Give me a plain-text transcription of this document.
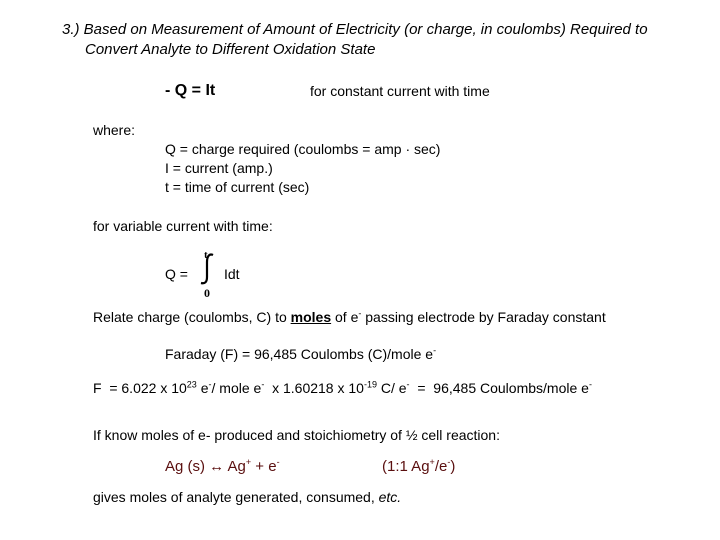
3.) Based on Measurement of Amount of Electricity (or charge, in coulombs) Required to
Convert Analyte to Different Oxidation State
- Q = It	for constant current with time
where:
Q = charge required (coulombs = amp · sec)
I = current (amp.)
t = time of current (sec)
for variable current with time:
Q =
t
0
Idt
Relate charge (coulombs, C) to moles of e- passing electrode by Faraday constant
Faraday (F) = 96,485 Coulombs (C)/mole e-
F  = 6.022 x $10^{23}$ e-/ mole e-  x 1.60218 x $10^{-19}$ C/ e-  =  96,485 Coulombs/mole e-
If know moles of e- produced and stoichiometry of ½ cell reaction:
Ag (s) ↔ Ag+ + e-	(1:1 Ag+/e-)
gives moles of analyte generated, consumed, etc.
